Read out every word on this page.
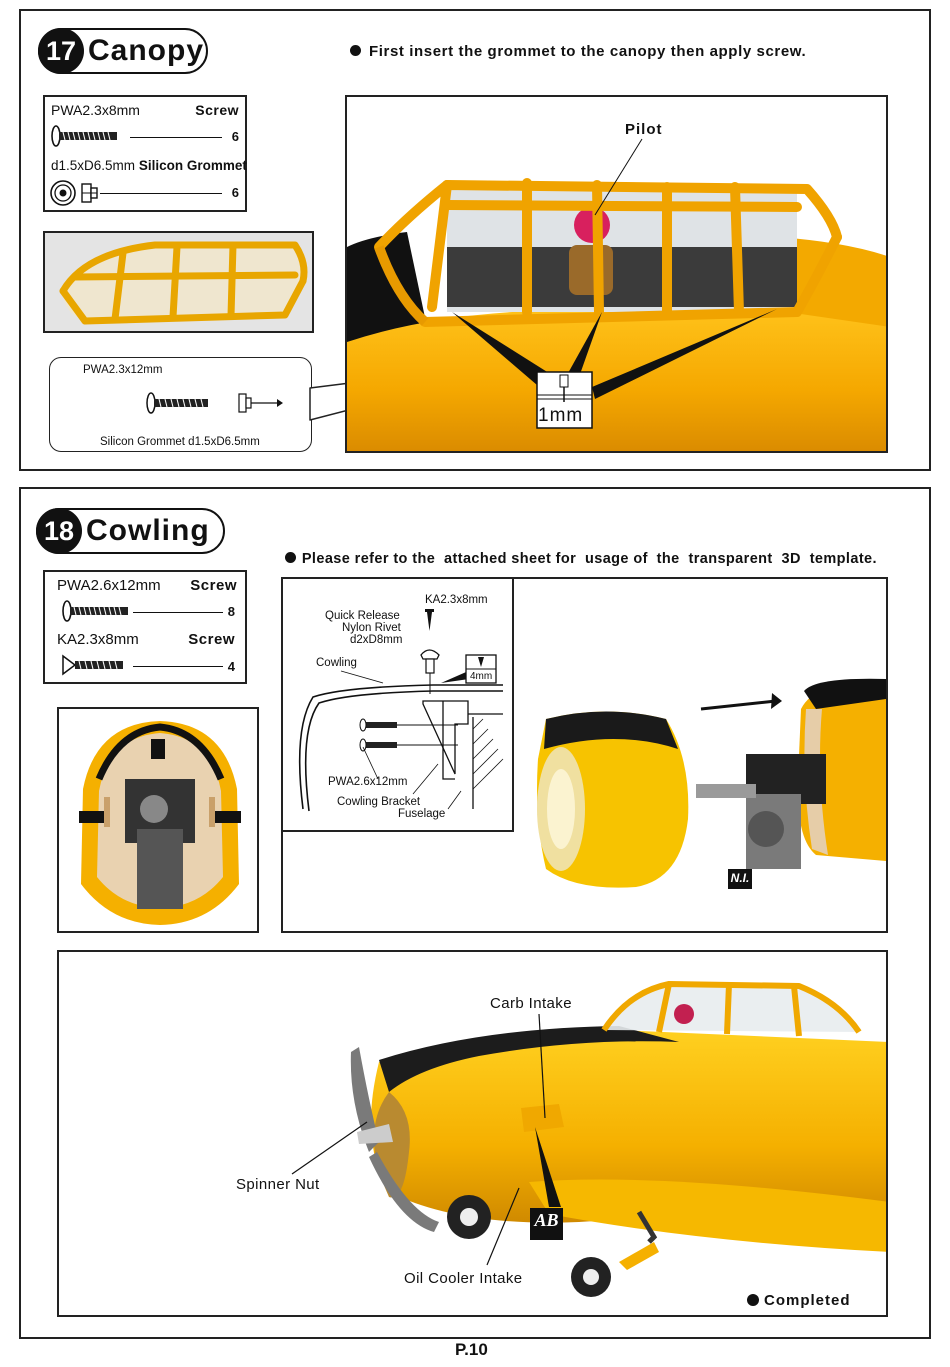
17 Canopy	First insert the grommet to the canopy then apply screw.
PWA2.3x8mm	Screw
6
d1.5xD6.5mm Silicon Grommet
6
PWA2.3x12mm
Silicon Grommet d1.5xD6.5mm
Pilot
1mm
18 Cowling

Please refer to the  attached sheet for  usage of  the  transparent  3D  template.

PWA2.6x12mm Screw
8
KA2.3x8mm	Screw
4
KA2.3x8mm
Quick Release
Nylon Rivet
d2xD8mm
Cowling
4mm
PWA2.6x12mm
Cowling Bracket
Fuselage
N.I.
Carb Intake
Spinner Nut
Oil Cooler Intake
AB
Completed
P.10
